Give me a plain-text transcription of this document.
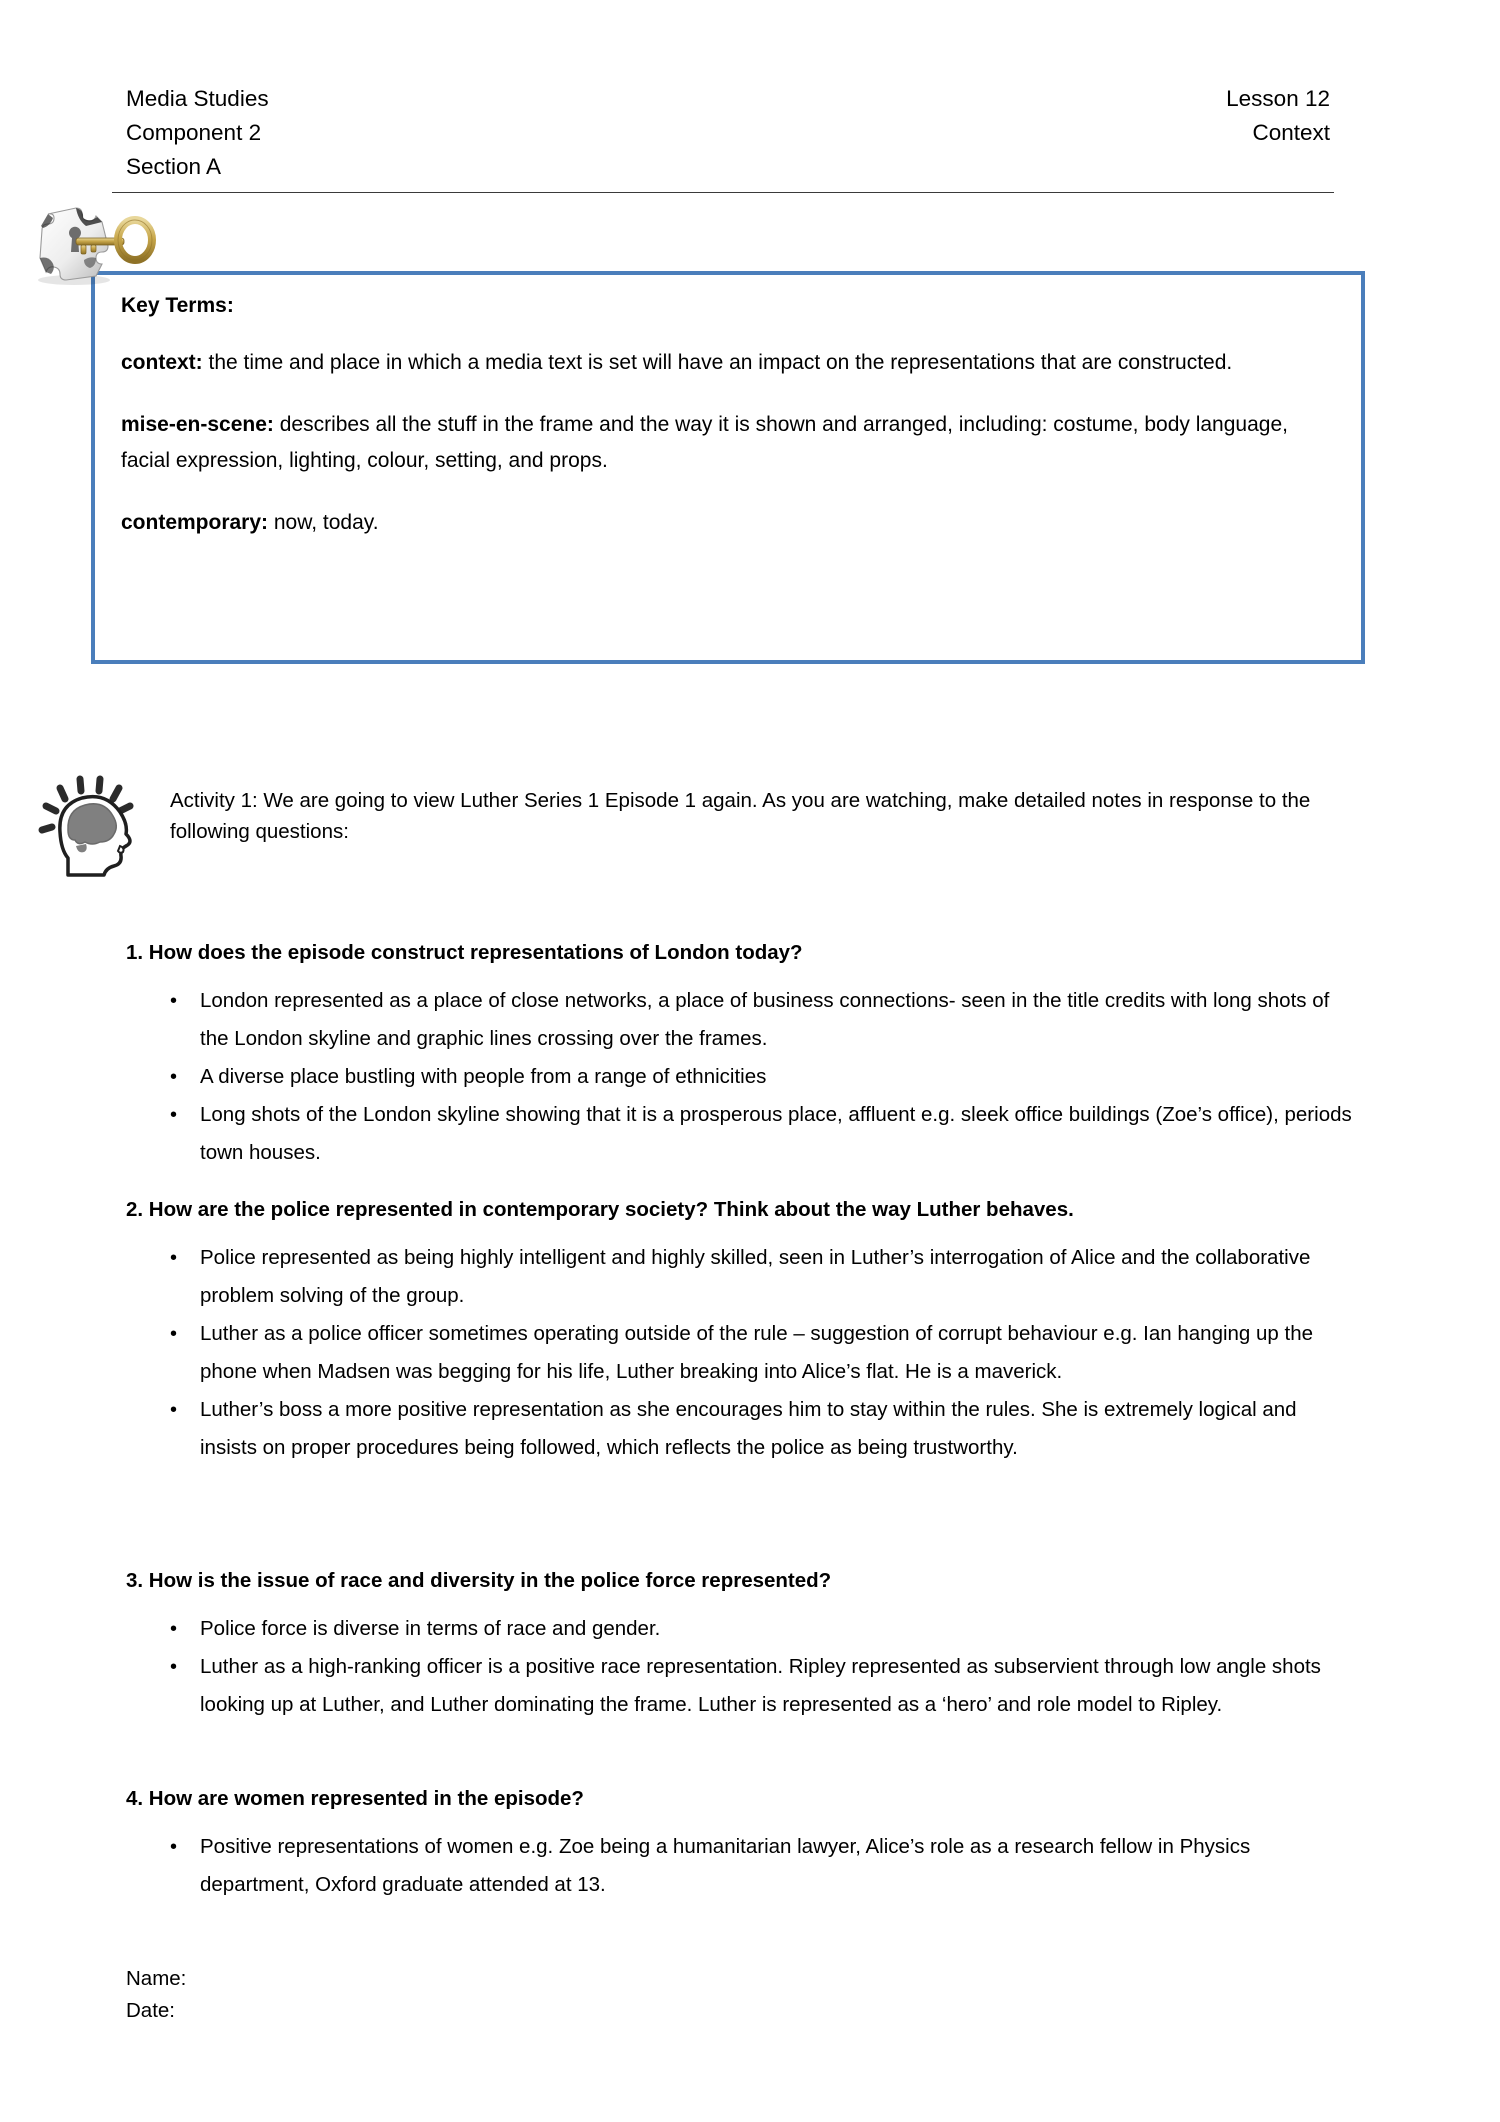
Media Studies	Lesson 12
Component 2	Context
Section A
Key Terms:

context: the time and place in which a media text is set will have an impact on the representations that are constructed.

mise-en-scene: describes all the stuff in the frame and the way it is shown and arranged, including: costume, body language, facial expression, lighting, colour, setting, and props.

contemporary: now, today.

Activity 1: We are going to view Luther Series 1 Episode 1 again. As you are watching, make detailed notes in response to the following questions:
1. How does the episode construct representations of London today?
• London represented as a place of close networks, a place of business connections- seen in the title credits with long shots of the London skyline and graphic lines crossing over the frames.
• A diverse place bustling with people from a range of ethnicities
• Long shots of the London skyline showing that it is a prosperous place, affluent e.g. sleek office buildings (Zoe’s office), periods town houses.
2. How are the police represented in contemporary society? Think about the way Luther behaves.
• Police represented as being highly intelligent and highly skilled, seen in Luther’s interrogation of Alice and the collaborative problem solving of the group.
• Luther as a police officer sometimes operating outside of the rule – suggestion of corrupt behaviour e.g. Ian hanging up the phone when Madsen was begging for his life, Luther breaking into Alice’s flat. He is a maverick.
• Luther’s boss a more positive representation as she encourages him to stay within the rules. She is extremely logical and insists on proper procedures being followed, which reflects the police as being trustworthy.
3. How is the issue of race and diversity in the police force represented?
• Police force is diverse in terms of race and gender.
• Luther as a high-ranking officer is a positive race representation. Ripley represented as subservient through low angle shots looking up at Luther, and Luther dominating the frame. Luther is represented as a ‘hero’ and role model to Ripley.
4. How are women represented in the episode?
• Positive representations of women e.g. Zoe being a humanitarian lawyer, Alice’s role as a research fellow in Physics department, Oxford graduate attended at 13.
Name:
Date:
